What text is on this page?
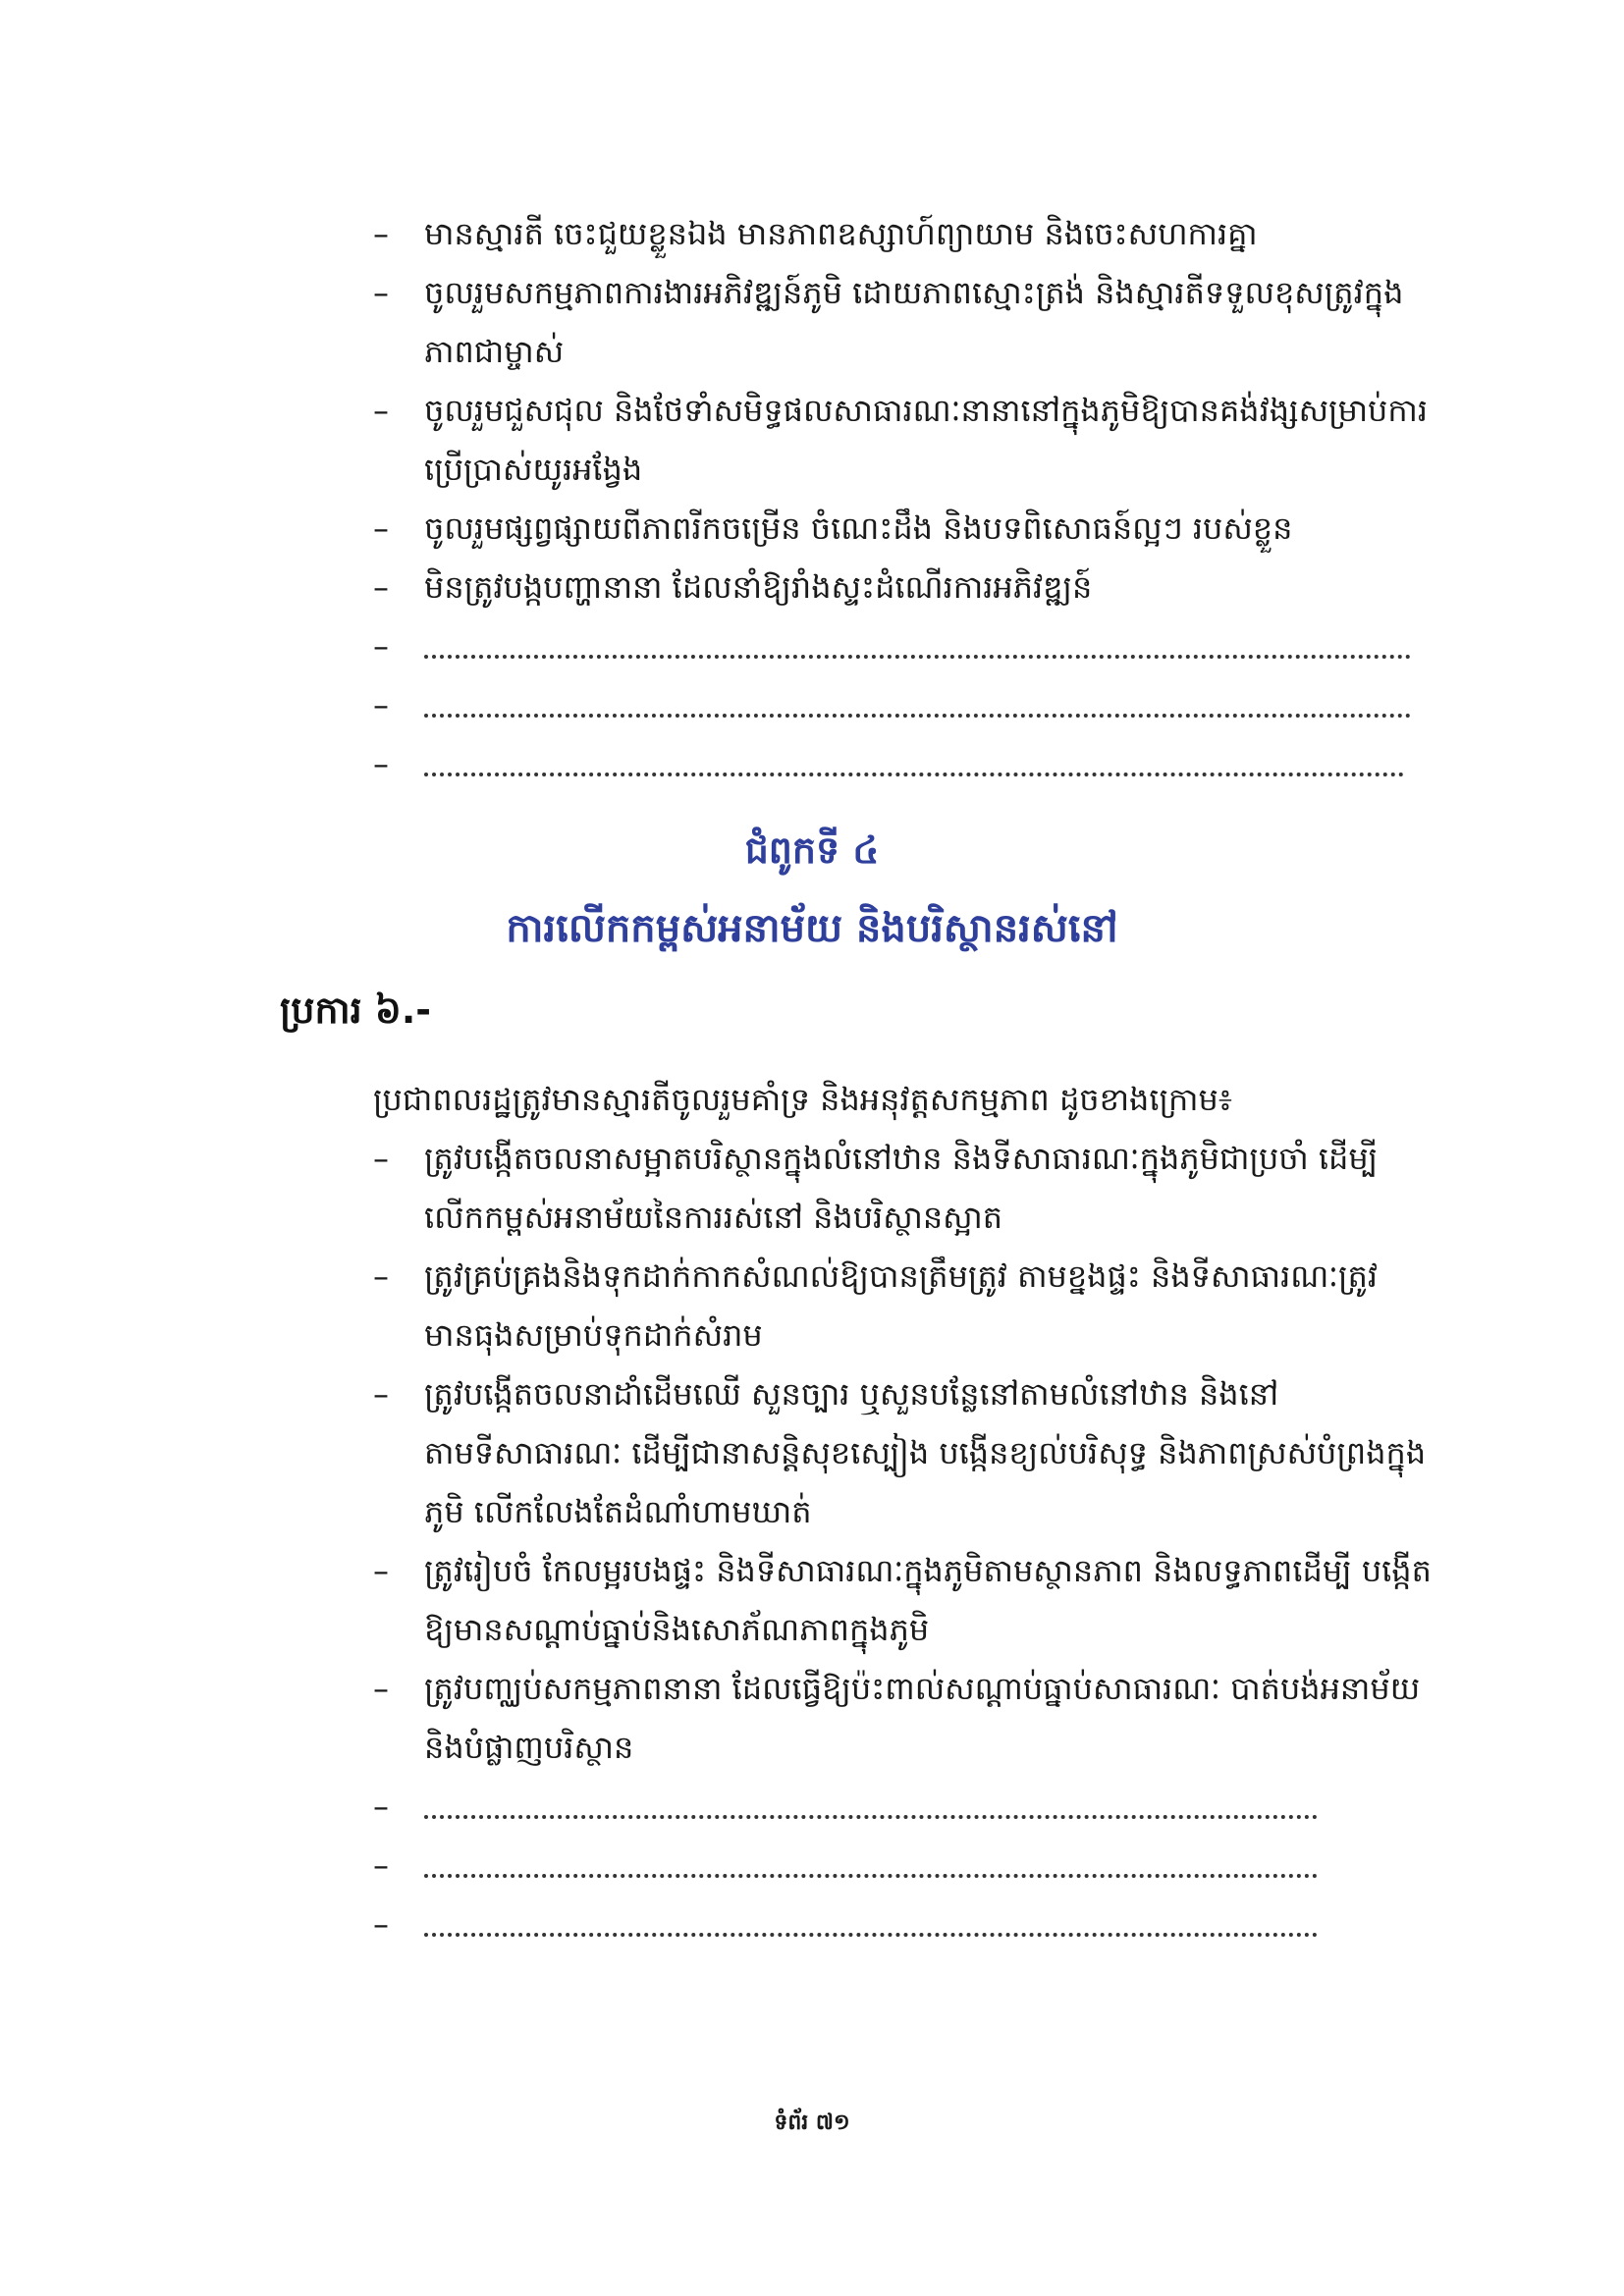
–	មានស្មារតី ចេះជួយខ្លួនឯង មានភាពឧស្សាហ៍ព្យាយាម និងចេះសហការគ្នា
–	ចូលរួមសកម្មភាពការងារអភិវឌ្ឍន៍ភូមិ ដោយភាពស្មោះត្រង់ និងស្មារតីទទួលខុសត្រូវក្នុងភាពជាម្ចាស់
–	ចូលរួមជួសជុល និងថែទាំសមិទ្ធផលសាធារណៈនានានៅក្នុងភូមិឱ្យបានគង់វង្សសម្រាប់ការប្រើប្រាស់យូរអង្វែង
–	ចូលរួមផ្សព្វផ្សាយពីភាពរីកចម្រើន ចំណេះដឹង និងបទពិសោធន៍ល្អៗ របស់ខ្លួន
–	មិនត្រូវបង្កបញ្ហានានា ដែលនាំឱ្យរាំងស្ទះដំណើរការអភិវឌ្ឍន៍
–
–
–
ជំពូកទី ៤
ការលើកកម្ពស់អនាម័យ និងបរិស្ថានរស់នៅ
ប្រការ ៦.-
ប្រជាពលរដ្ឋត្រូវមានស្មារតីចូលរួមគាំទ្រ និងអនុវត្តសកម្មភាព ដូចខាងក្រោម៖
–	ត្រូវបង្កើតចលនាសម្អាតបរិស្ថានក្នុងលំនៅឋាន និងទីសាធារណៈក្នុងភូមិជាប្រចាំ ដើម្បីលើកកម្ពស់អនាម័យនៃការរស់នៅ និងបរិស្ថានស្អាត
–	ត្រូវគ្រប់គ្រងនិងទុកដាក់កាកសំណល់ឱ្យបានត្រឹមត្រូវ តាមខ្នងផ្ទះ និងទីសាធារណៈត្រូវមានធុងសម្រាប់ទុកដាក់សំរាម
–	ត្រូវបង្កើតចលនាដាំដើមឈើ សួនច្បារ ឬសួនបន្លែនៅតាមលំនៅឋាន និងនៅតាមទីសាធារណៈ ដើម្បីជានាសន្តិសុខស្បៀង បង្កើនខ្យល់បរិសុទ្ធ និងភាពស្រស់បំព្រងក្នុងភូមិ លើកលែងតែដំណាំហាមឃាត់
–	ត្រូវរៀបចំ កែលម្អរបងផ្ទះ និងទីសាធារណៈក្នុងភូមិតាមស្ថានភាព និងលទ្ធភាពដើម្បី បង្កើតឱ្យមានសណ្តាប់ធ្នាប់និងសោភ័ណភាពក្នុងភូមិ
–	ត្រូវបញ្ឈប់សកម្មភាពនានា ដែលធ្វើឱ្យប៉ះពាល់សណ្តាប់ធ្នាប់សាធារណៈ បាត់បង់អនាម័យ និងបំផ្លាញបរិស្ថាន
–
–
–
ទំព័រ ៧១
